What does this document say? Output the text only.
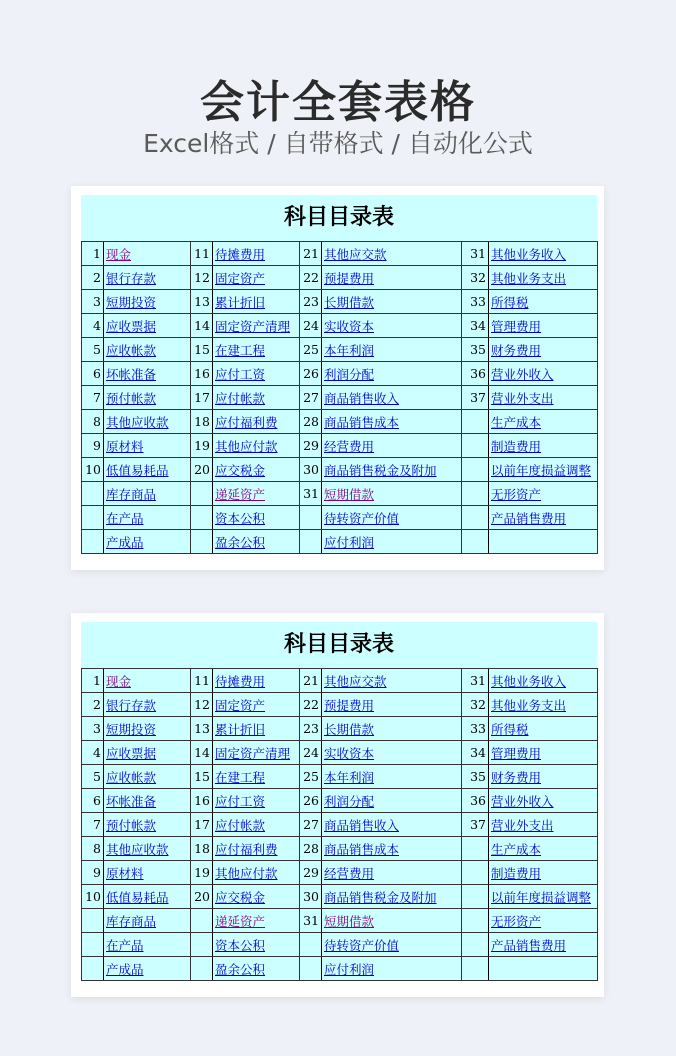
会计全套表格
Excel格式 / 自带格式 / 自动化公式
科目目录表
1	现金	11	待摊费用	21	其他应交款	31	其他业务收入
2	银行存款	12	固定资产	22	预提费用	32	其他业务支出
3	短期投资	13	累计折旧	23	长期借款	33	所得税
4	应收票据	14	固定资产清理	24	实收资本	34	管理费用
5	应收帐款	15	在建工程	25	本年利润	35	财务费用
6	坏帐准备	16	应付工资	26	利润分配	36	营业外收入
7	预付帐款	17	应付帐款	27	商品销售收入	37	营业外支出
8	其他应收款	18	应付福利费	28	商品销售成本		生产成本
9	原材料	19	其他应付款	29	经营费用		制造费用
10	低值易耗品	20	应交税金	30	商品销售税金及附加		以前年度损益调整
	库存商品		递延资产	31	短期借款		无形资产
	在产品		资本公积		待转资产价值		产品销售费用
	产成品		盈余公积		应付利润		
科目目录表
1	现金	11	待摊费用	21	其他应交款	31	其他业务收入
2	银行存款	12	固定资产	22	预提费用	32	其他业务支出
3	短期投资	13	累计折旧	23	长期借款	33	所得税
4	应收票据	14	固定资产清理	24	实收资本	34	管理费用
5	应收帐款	15	在建工程	25	本年利润	35	财务费用
6	坏帐准备	16	应付工资	26	利润分配	36	营业外收入
7	预付帐款	17	应付帐款	27	商品销售收入	37	营业外支出
8	其他应收款	18	应付福利费	28	商品销售成本		生产成本
9	原材料	19	其他应付款	29	经营费用		制造费用
10	低值易耗品	20	应交税金	30	商品销售税金及附加		以前年度损益调整
	库存商品		递延资产	31	短期借款		无形资产
	在产品		资本公积		待转资产价值		产品销售费用
	产成品		盈余公积		应付利润		
